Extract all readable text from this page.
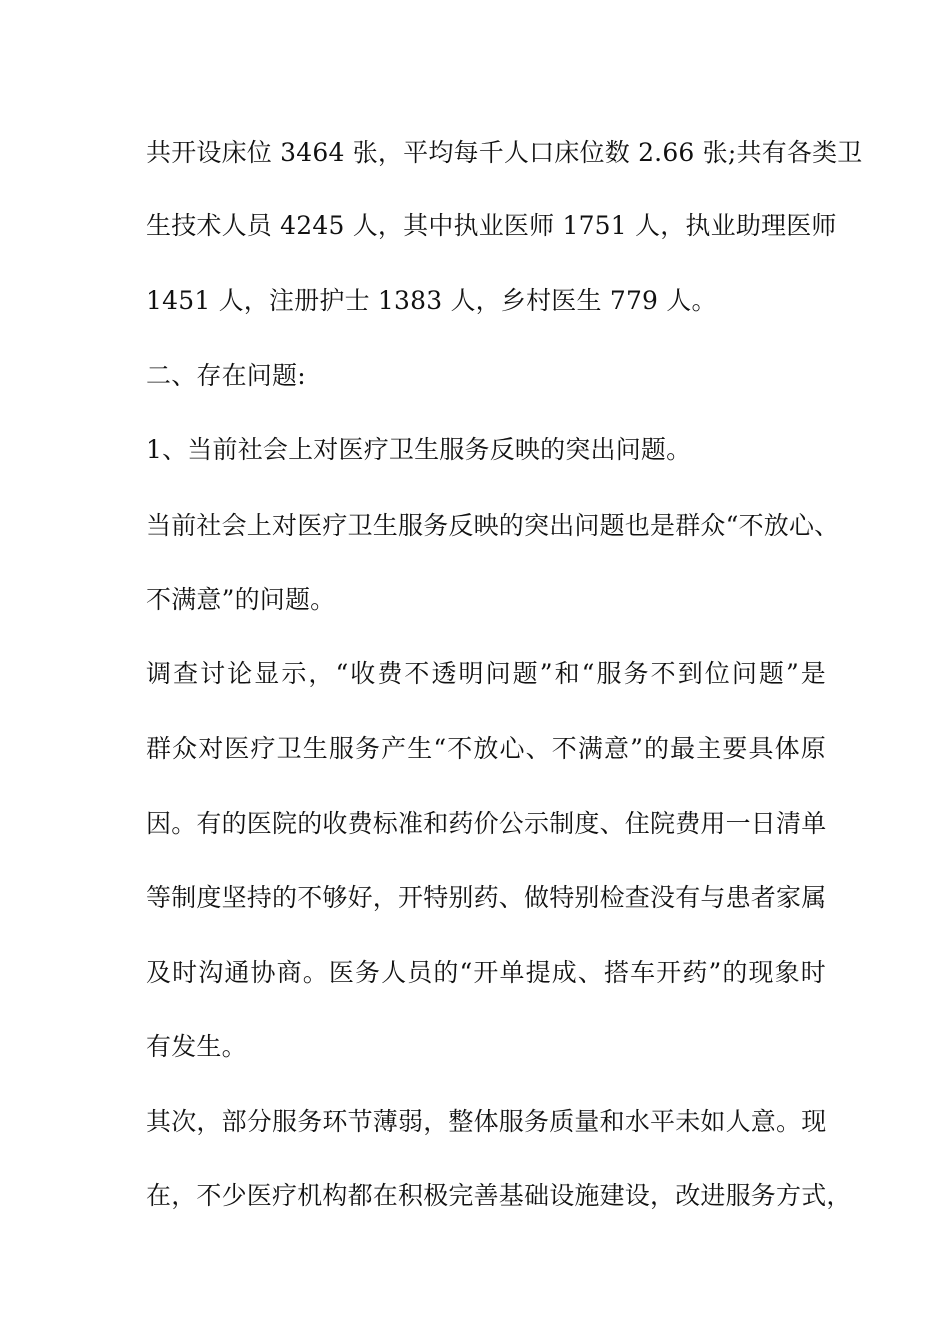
共开设床位 3464 张，平均每千人口床位数 2.66 张;共有各类卫
生技术人员 4245 人，其中执业医师 1751 人，执业助理医师
1451 人，注册护士 1383 人，乡村医生 779 人。
二、存在问题:
1、当前社会上对医疗卫生服务反映的突出问题。
当前社会上对医疗卫生服务反映的突出问题也是群众“不放心、
不满意”的问题。
调查讨论显示，“收费不透明问题”和“服务不到位问题”是
群众对医疗卫生服务产生“不放心、不满意”的最主要具体原
因。有的医院的收费标准和药价公示制度、住院费用一日清单
等制度坚持的不够好，开特别药、做特别检查没有与患者家属
及时沟通协商。医务人员的“开单提成、搭车开药”的现象时
有发生。
其次，部分服务环节薄弱，整体服务质量和水平未如人意。现
在，不少医疗机构都在积极完善基础设施建设，改进服务方式，
